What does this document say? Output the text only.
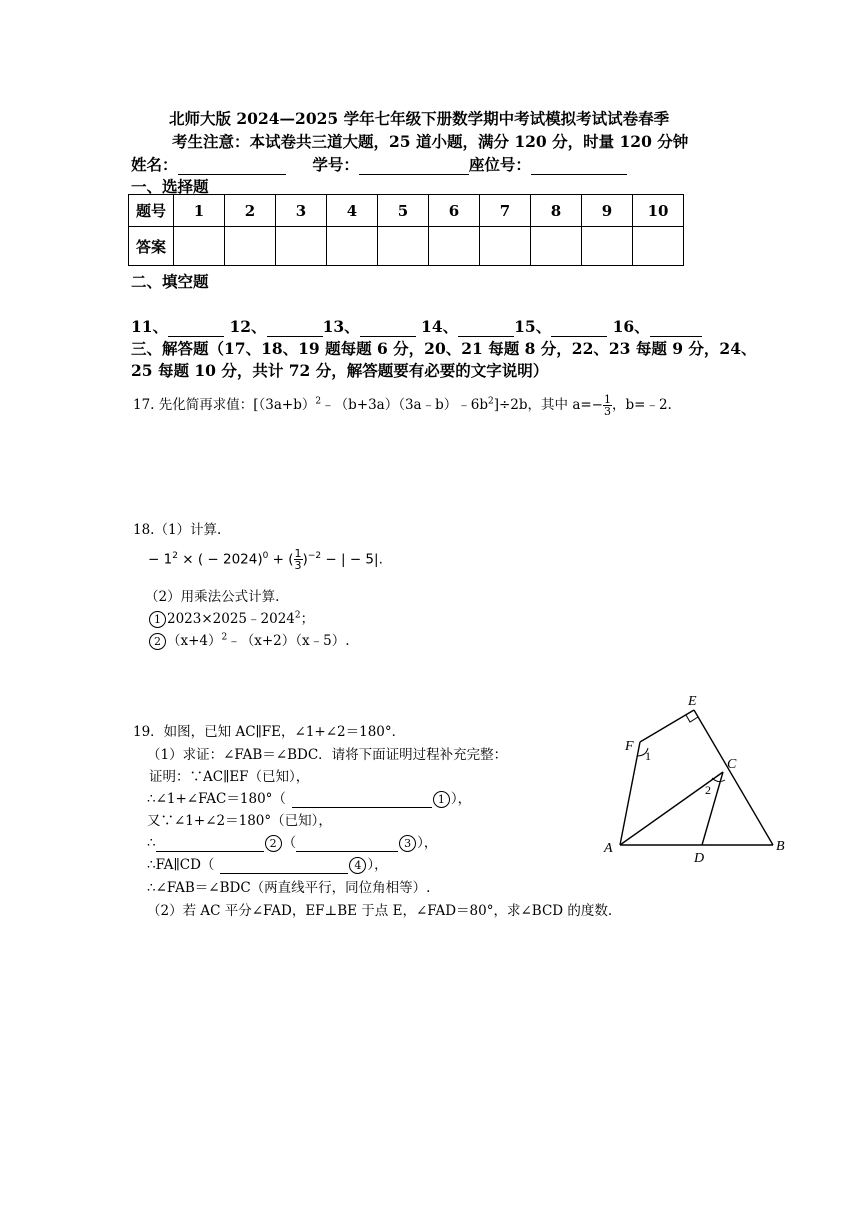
北师大版 2024—2025 学年七年级下册数学期中考试模拟考试试卷春季
考生注意：本试卷共三道大题，25 道小题，满分 120 分，时量 120 分钟
姓名：	学号：	座位号：
一、选择题
题号	1	2	3	4	5	6	7	8	9	10
答案										
二、填空题
11、	12、	13、	14、	15、	16、
三、解答题（17、18、19 题每题 6 分，20、21 每题 8 分，22、23 每题 9 分，24、
25 每题 10 分，共计 72 分，解答题要有必要的文字说明）
17. 先化简再求值：$[(3a+b)^2﹣(b+3a)(3a﹣b)﹣6b^2]\div 2b$，其中 $a=- \frac{1}{3}$ ，b=﹣2.
18.（1）计算.
− $1^2$ × ( − 2024)$^0$ + ( $\frac{1}{3} )^{-2}$ − | − 5|.
（2）用乘法公式计算.
1 $2023\times 2025﹣2024^2$；
2 $(x+4)^2﹣(x+2)(x﹣5)$.
19．如图，已知 AC∥FE，∠1+∠2＝180°．
（1）求证：∠FAB＝∠BDC．请将下面证明过程补充完整：
证明：∵AC∥EF（已知），
∴∠1+∠FAC＝180°（	1 ），
又∵∠1+∠2＝180°（已知），
∴	2 （	3 ），
∴FA∥CD（	4 ），
∴∠FAB＝∠BDC（两直线平行，同位角相等）.
（2）若 AC 平分∠FAD，EF⊥BE 于点 E，∠FAD＝80°，求∠BCD 的度数.
E
F
C
A
D
B
1
2
